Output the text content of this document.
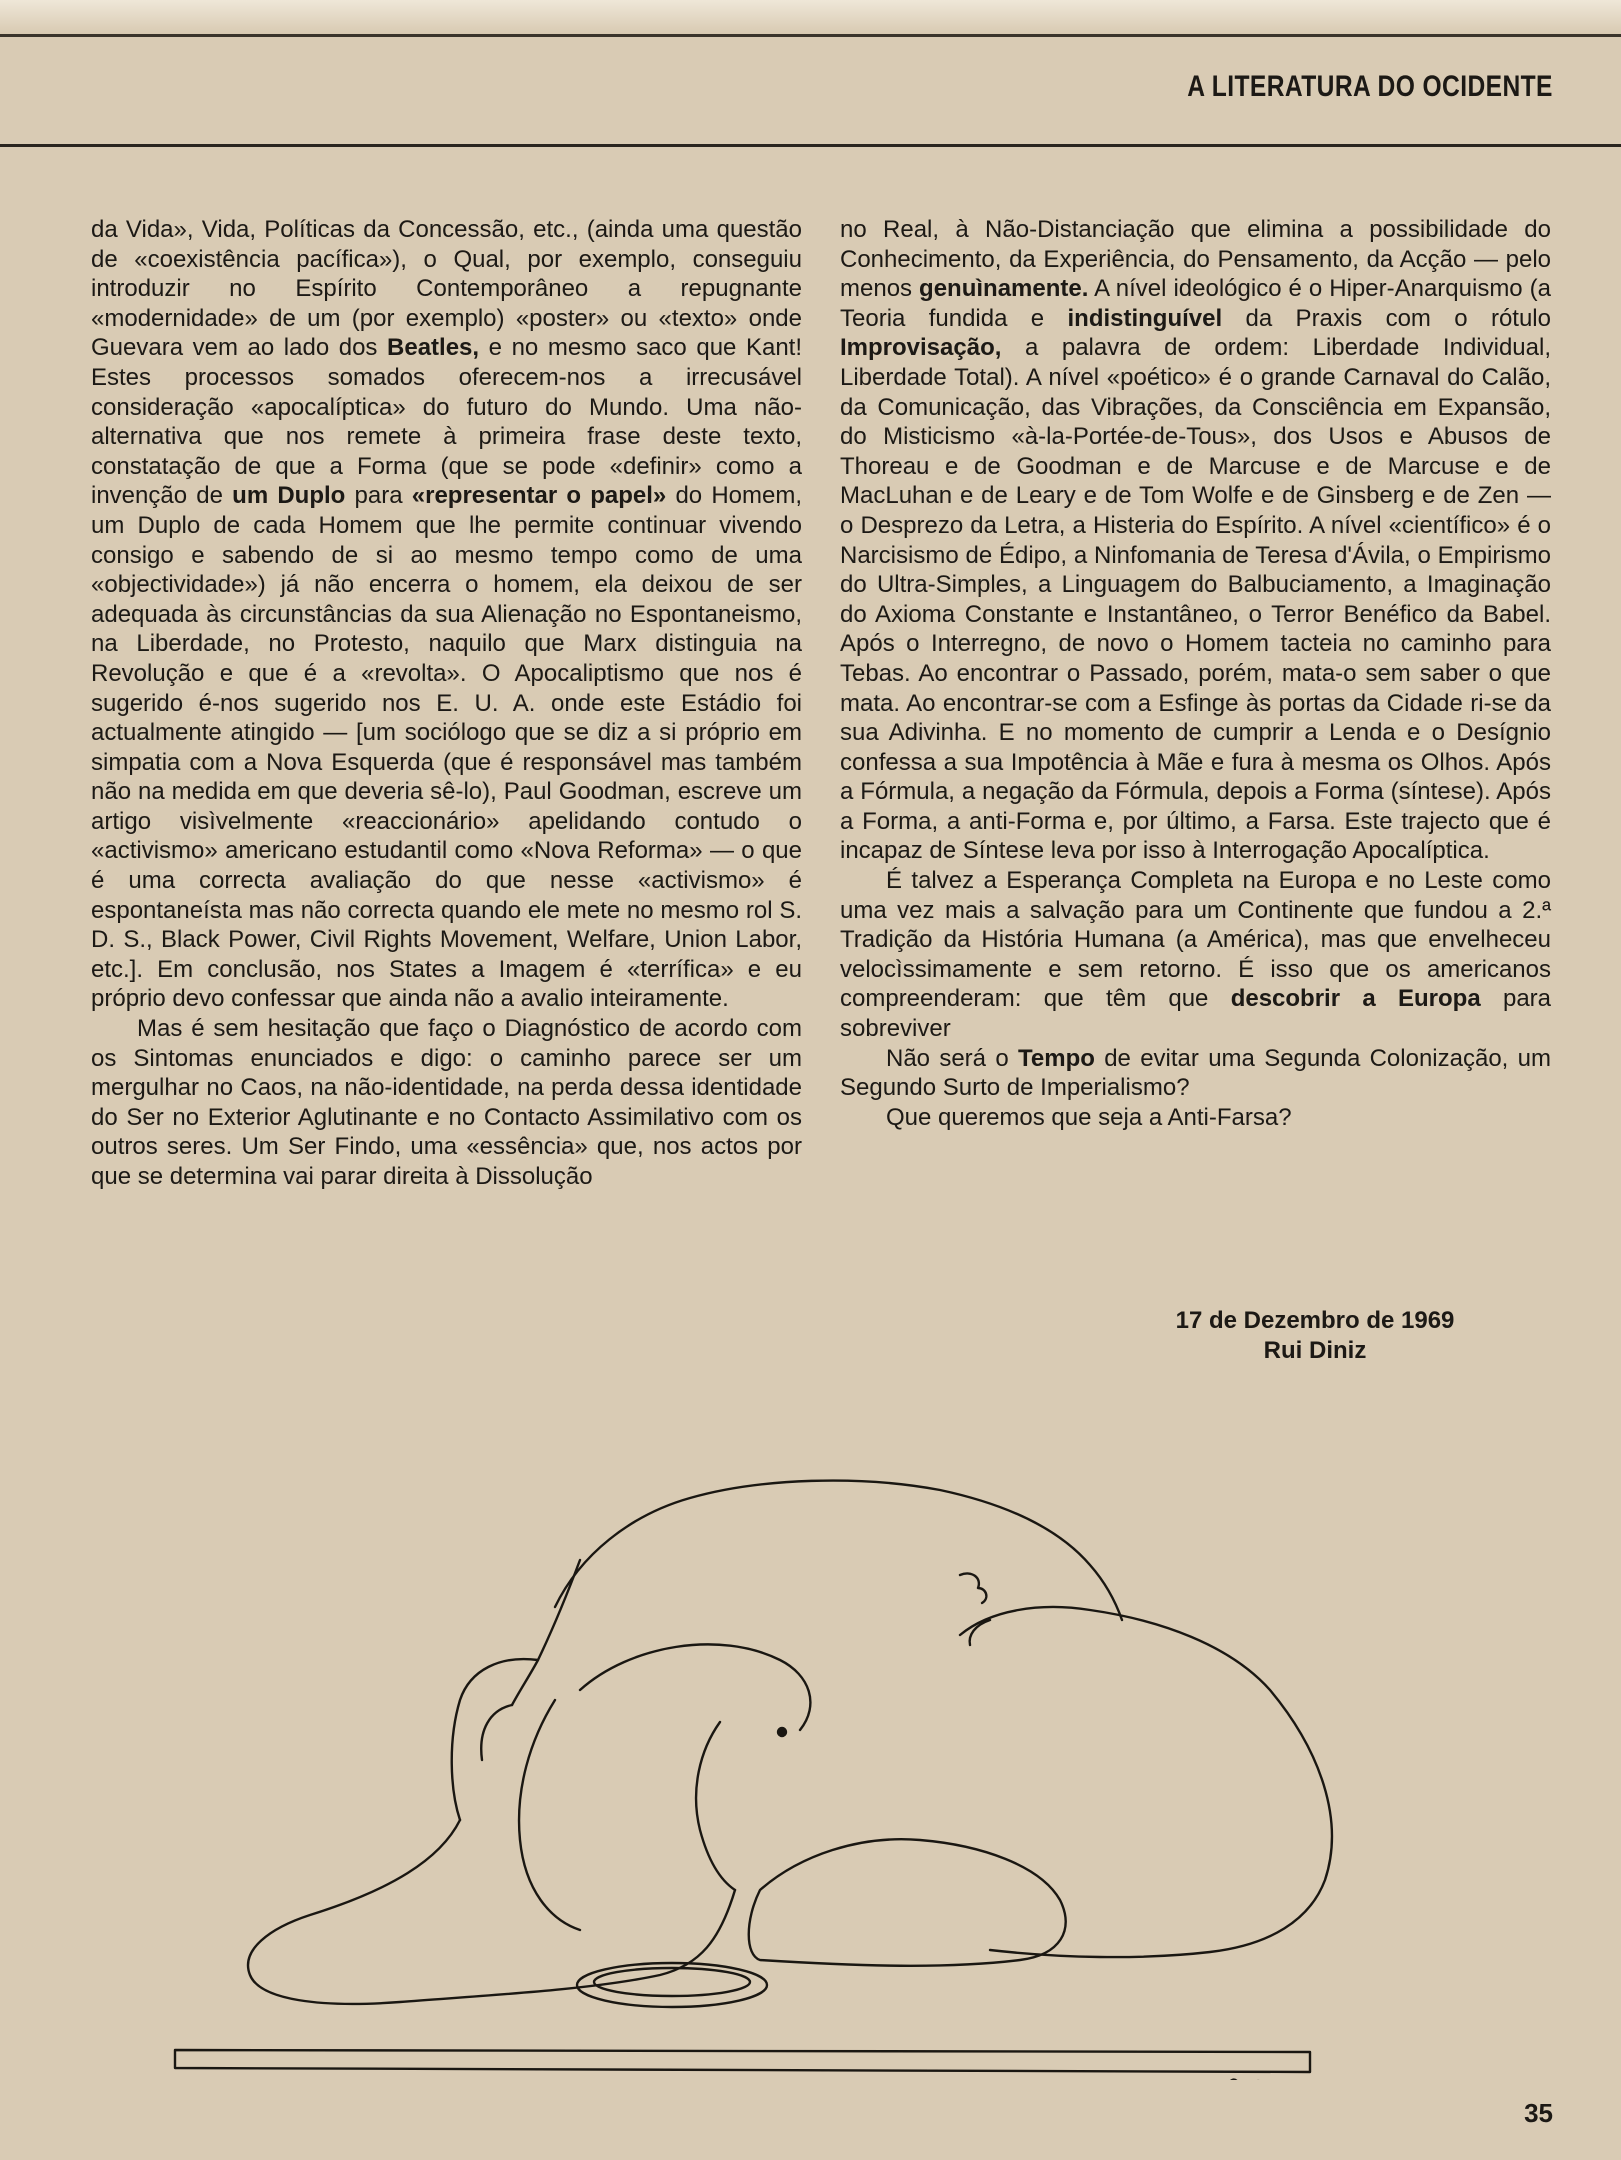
A LITERATURA DO OCIDENTE

da Vida», Vida, Políticas da Concessão, etc., (ainda uma questão de «coexistência pacífica»), o Qual, por exemplo, conseguiu introduzir no Espírito Contemporâneo a repugnante «modernidade» de um (por exemplo) «poster» ou «texto» onde Guevara vem ao lado dos Beatles, e no mesmo saco que Kant! Estes processos somados oferecem-nos a irrecusável consideração «apocalíptica» do futuro do Mundo. Uma não-alternativa que nos remete à primeira frase deste texto, constatação de que a Forma (que se pode «definir» como a invenção de um Duplo para «representar o papel» do Homem, um Duplo de cada Homem que lhe permite continuar vivendo consigo e sabendo de si ao mesmo tempo como de uma «objectividade») já não encerra o homem, ela deixou de ser adequada às circunstâncias da sua Alienação no Espontaneismo, na Liberdade, no Protesto, naquilo que Marx distinguia na Revolução e que é a «revolta». O Apocaliptismo que nos é sugerido é-nos sugerido nos E. U. A. onde este Estádio foi actualmente atingido — [um sociólogo que se diz a si próprio em simpatia com a Nova Esquerda (que é responsável mas também não na medida em que deveria sê-lo), Paul Goodman, escreve um artigo visìvelmente «reaccionário» apelidando contudo o «activismo» americano estudantil como «Nova Reforma» — o que é uma correcta avaliação do que nesse «activismo» é espontaneísta mas não correcta quando ele mete no mesmo rol S. D. S., Black Power, Civil Rights Movement, Welfare, Union Labor, etc.]. Em conclusão, nos States a Imagem é «terrífica» e eu próprio devo confessar que ainda não a avalio inteiramente.

Mas é sem hesitação que faço o Diagnóstico de acordo com os Sintomas enunciados e digo: o caminho parece ser um mergulhar no Caos, na não-identidade, na perda dessa identidade do Ser no Exterior Aglutinante e no Contacto Assimilativo com os outros seres. Um Ser Findo, uma «essência» que, nos actos por que se determina vai parar direita à Dissolução

no Real, à Não-Distanciação que elimina a possibilidade do Conhecimento, da Experiência, do Pensamento, da Acção — pelo menos genuìnamente. A nível ideológico é o Hiper-Anarquismo (a Teoria fundida e indistinguível da Praxis com o rótulo Improvisação, a palavra de ordem: Liberdade Individual, Liberdade Total). A nível «poético» é o grande Carnaval do Calão, da Comunicação, das Vibrações, da Consciência em Expansão, do Misticismo «à-la-Portée-de-Tous», dos Usos e Abusos de Thoreau e de Goodman e de Marcuse e de Marcuse e de MacLuhan e de Leary e de Tom Wolfe e de Ginsberg e de Zen — o Desprezo da Letra, a Histeria do Espírito. A nível «científico» é o Narcisismo de Édipo, a Ninfomania de Teresa d'Ávila, o Empirismo do Ultra-Simples, a Linguagem do Balbuciamento, a Imaginação do Axioma Constante e Instantâneo, o Terror Benéfico da Babel. Após o Interregno, de novo o Homem tacteia no caminho para Tebas. Ao encontrar o Passado, porém, mata-o sem saber o que mata. Ao encontrar-se com a Esfinge às portas da Cidade ri-se da sua Adivinha. E no momento de cumprir a Lenda e o Desígnio confessa a sua Impotência à Mãe e fura à mesma os Olhos. Após a Fórmula, a negação da Fórmula, depois a Forma (síntese). Após a Forma, a anti-Forma e, por último, a Farsa. Este trajecto que é incapaz de Síntese leva por isso à Interrogação Apocalíptica.

É talvez a Esperança Completa na Europa e no Leste como uma vez mais a salvação para um Continente que fundou a 2.ª Tradição da História Humana (a América), mas que envelheceu velocìssimamente e sem retorno. É isso que os americanos compreenderam: que têm que descobrir a Europa para sobreviver

Não será o Tempo de evitar uma Segunda Colonização, um Segundo Surto de Imperialismo?

Que queremos que seja a Anti-Farsa?

17 de Dezembro de 1969
Rui Diniz
35
